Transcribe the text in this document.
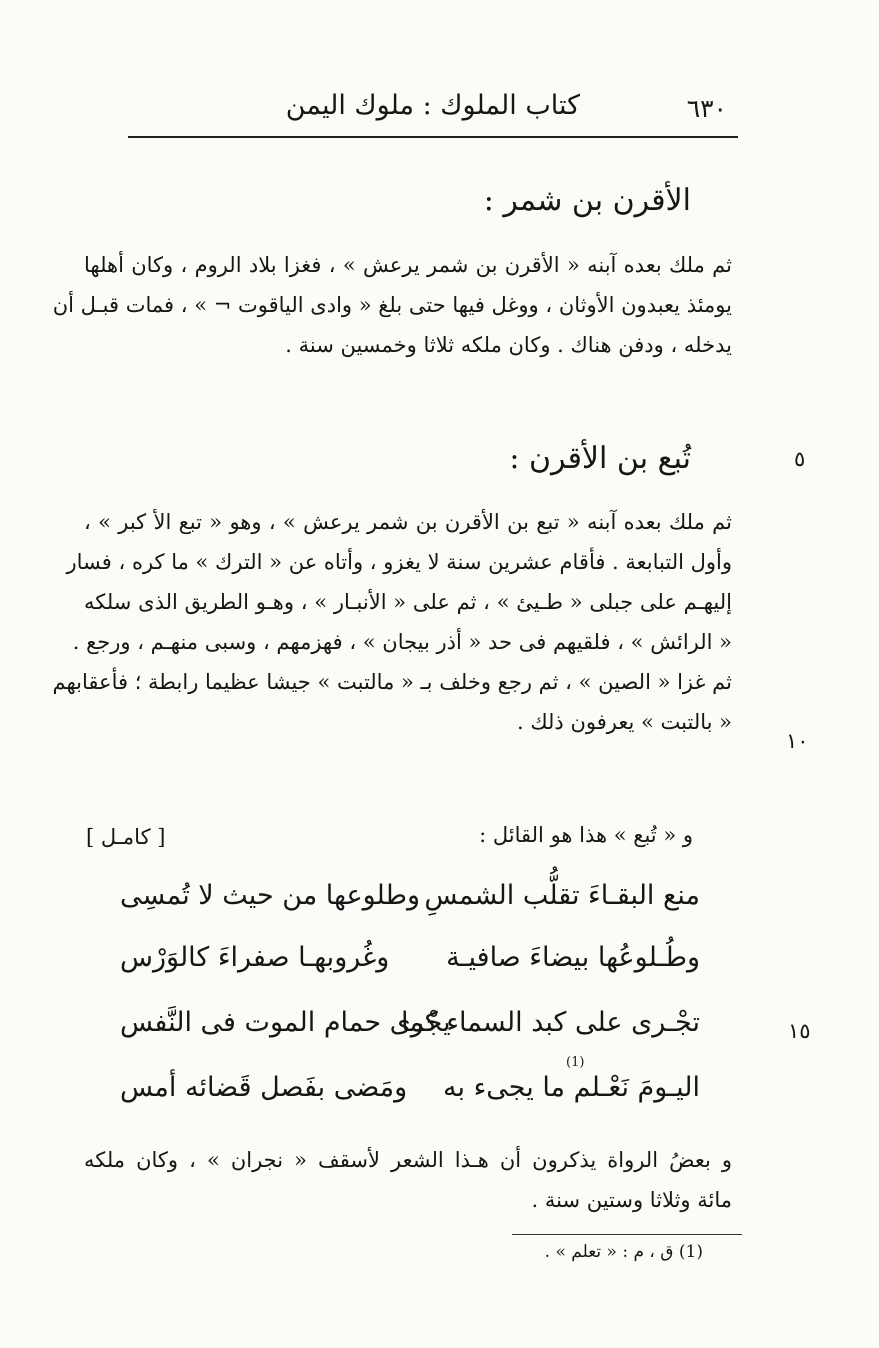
٦٣٠
كتاب الملوك : ملوك اليمن
الأقرن بن شمر :
ثم ملك بعده آبنه « الأقرن بن شمر يرعش » ، فغزا بلاد الروم ، وكان أهلها
يومئذ يعبدون الأوثان ، ووغل فيها حتى بلغ « وادى الياقوت ¬ » ، فمات قبـل أن
يدخله ، ودفن هناك . وكان ملكه ثلاثا وخمسين سنة .
٥
تُبع بن الأقرن :
ثم ملك بعده آبنه « تبع بن الأقرن بن شمر يرعش » ، وهو « تبع الأ كبر » ،
وأول التبابعة . فأقام عشرين سنة لا يغزو ، وأتاه عن « الترك » ما كره ، فسار
إليهـم على جبلى « طـيئ » ، ثم على « الأنبـار » ، وهـو الطريق الذى سلكه
« الرائش » ، فلقيهم فى حد « أذر بيجان » ، فهزمهم ، وسبى منهـم ، ورجع .
ثم غزا « الصين » ، ثم رجع وخلف بـ « مالتبت » جيشا عظيما رابطة ؛ فأعقابهم
« بالتبت » يعرفون ذلك .
١٠
و « تُبع » هذا هو القائل :
[ كامـل ]
منع البقـاءَ تقلُّب الشمسِ
وطلوعها من حيث لا تُمسِى
وطُـلوعُها بيضاءَ صافيـة
وغُروبهـا صفراءَ كالوَرْس
١٥
تجْـرى على كبد السماء كما
يجْرى حمام الموت فى النَّفس
(1)
اليـومَ نَعْـلم ما يجىء به
ومَضى بفَصل قَضائه أمس
و بعضُ الرواة يذكرون أن هـذا الشعر لأسقف « نجران » ، وكان ملكه
مائة وثلاثا وستين سنة .
(1) ق ، م : « تعلم » .
